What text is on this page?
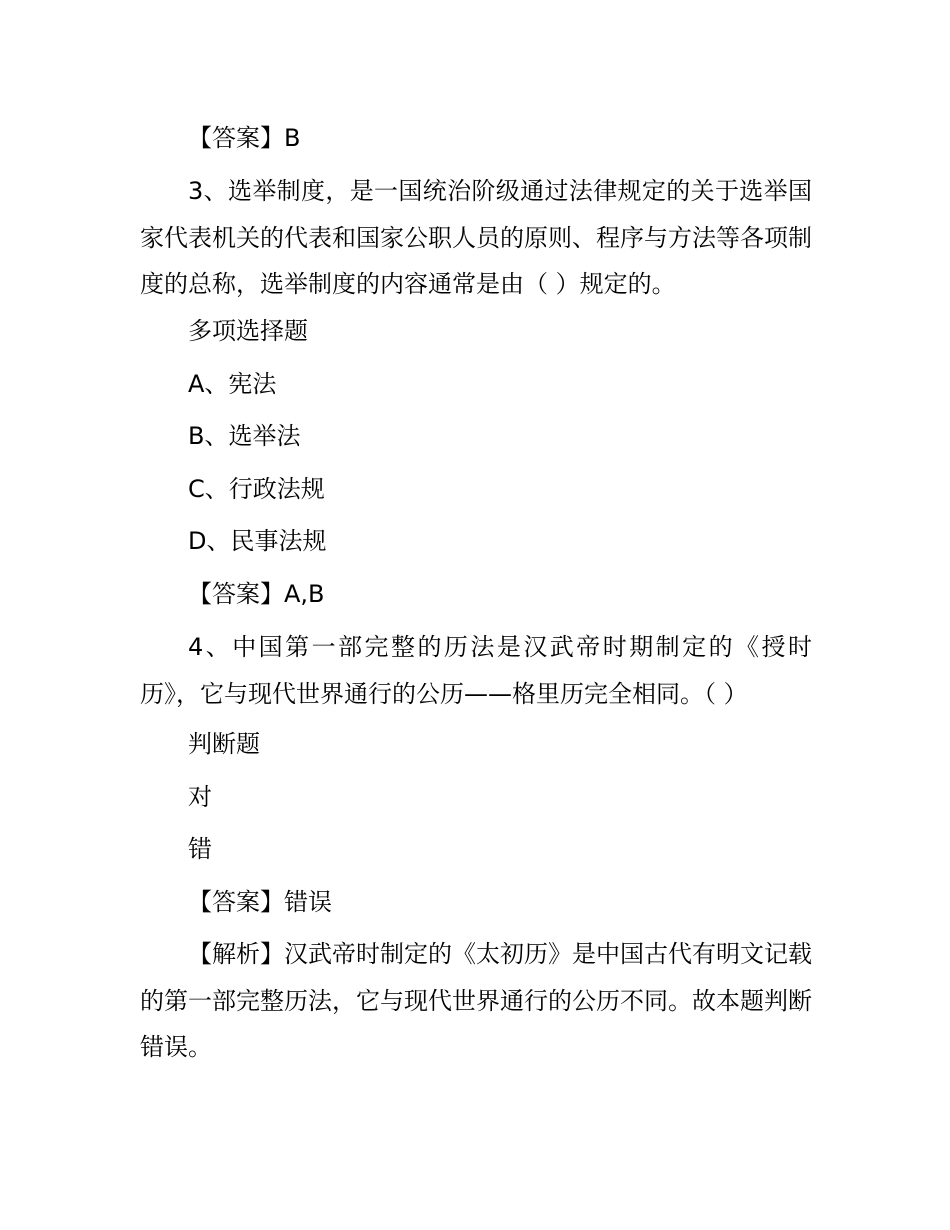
【答案】B

3、选举制度，是一国统治阶级通过法律规定的关于选举国家代表机关的代表和国家公职人员的原则、程序与方法等各项制度的总称，选举制度的内容通常是由（ ）规定的。

多项选择题

A、宪法

B、选举法

C、行政法规

D、民事法规

【答案】A,B

4、中国第一部完整的历法是汉武帝时期制定的《授时历》，它与现代世界通行的公历——格里历完全相同。（ ）

判断题

对

错

【答案】错误

【解析】汉武帝时制定的《太初历》是中国古代有明文记载的第一部完整历法，它与现代世界通行的公历不同。故本题判断错误。
